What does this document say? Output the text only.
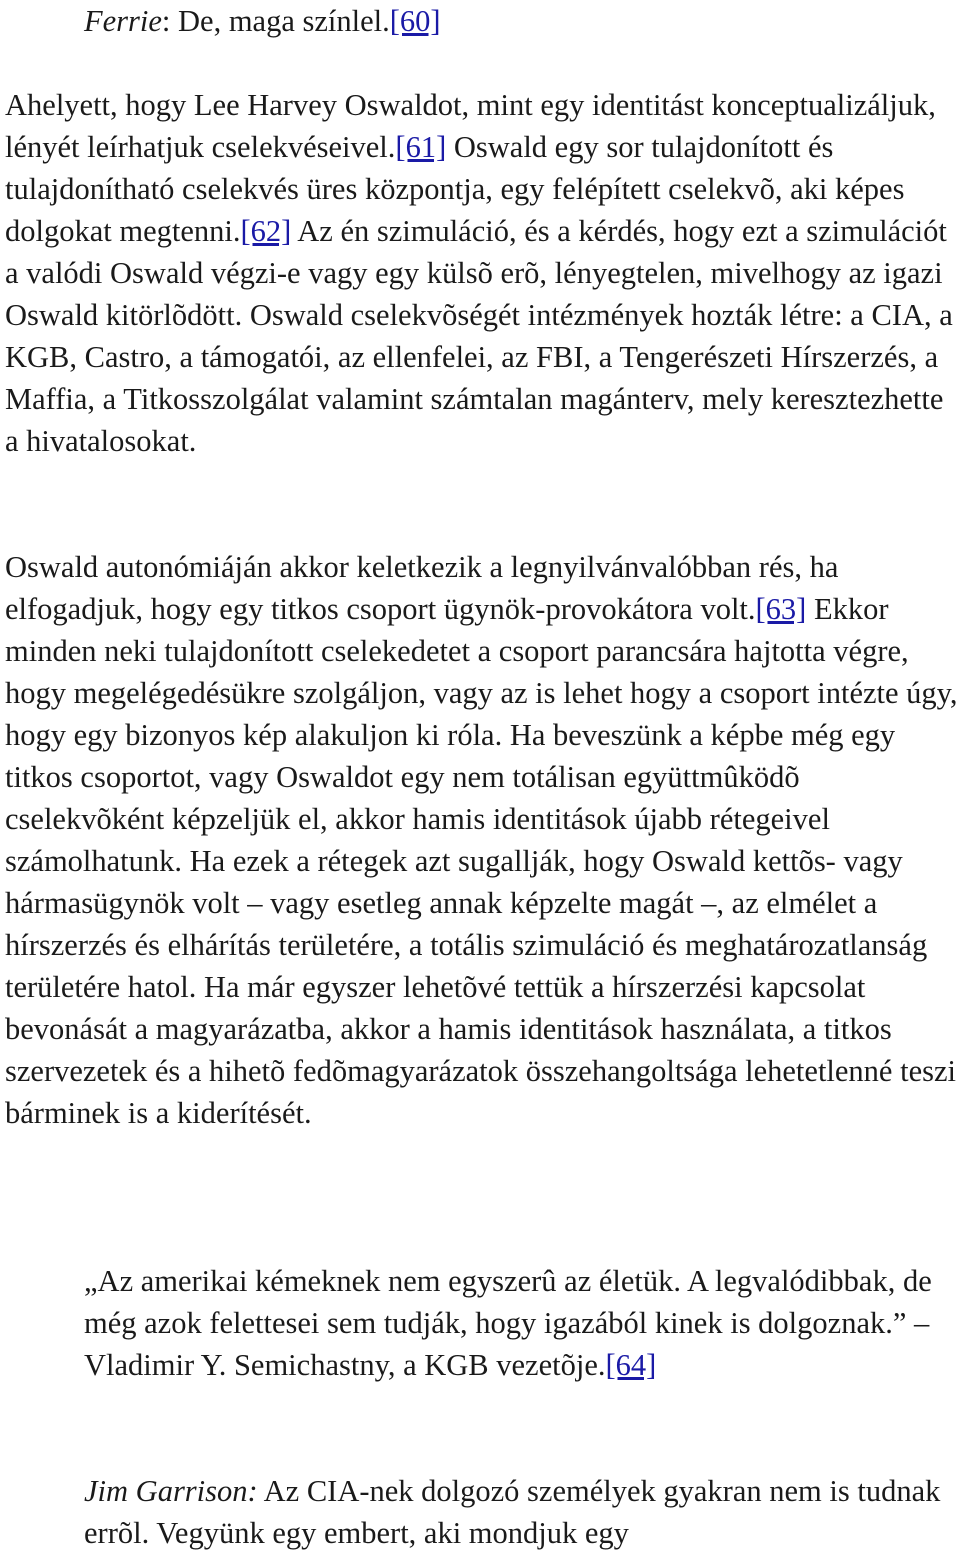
Ferrie: De, maga színlel.[60]

Ahelyett, hogy Lee Harvey Oswaldot, mint egy identitást konceptualizáljuk, lényét leírhatjuk cselekvéseivel.[61] Oswald egy sor tulajdonított és tulajdonítható cselekvés üres központja, egy felépített cselekvõ, aki képes dolgokat megtenni.[62] Az én szimuláció, és a kérdés, hogy ezt a szimulációt a valódi Oswald végzi-e vagy egy külsõ erõ, lényegtelen, mivelhogy az igazi Oswald kitörlõdött. Oswald cselekvõségét intézmények hozták létre: a CIA, a KGB, Castro, a támogatói, az ellenfelei, az FBI, a Tengerészeti Hírszerzés, a Maffia, a Titkosszolgálat valamint számtalan magánterv, mely keresztezhette a hivatalosokat.

Oswald autonómiáján akkor keletkezik a legnyilvánvalóbban rés, ha elfogadjuk, hogy egy titkos csoport ügynök-provokátora volt.[63] Ekkor minden neki tulajdonított cselekedetet a csoport parancsára hajtotta végre, hogy megelégedésükre szolgáljon, vagy az is lehet hogy a csoport intézte úgy, hogy egy bizonyos kép alakuljon ki róla. Ha beveszünk a képbe még egy titkos csoportot, vagy Oswaldot egy nem totálisan együttmûködõ cselekvõként képzeljük el, akkor hamis identitások újabb rétegeivel számolhatunk. Ha ezek a rétegek azt sugallják, hogy Oswald kettõs- vagy hármasügynök volt – vagy esetleg annak képzelte magát –, az elmélet a hírszerzés és elhárítás területére, a totális szimuláció és meghatározatlanság területére hatol. Ha már egyszer lehetõvé tettük a hírszerzési kapcsolat bevonását a magyarázatba, akkor a hamis identitások használata, a titkos szervezetek és a hihetõ fedõmagyarázatok összehangoltsága lehetetlenné teszi bárminek is a kiderítését.

„Az amerikai kémeknek nem egyszerû az életük. A legvalódibbak, de még azok felettesei sem tudják, hogy igazából kinek is dolgoznak.” – Vladimir Y. Semichastny, a KGB vezetõje.[64]

Jim Garrison: Az CIA-nek dolgozó személyek gyakran nem is tudnak errõl. Vegyünk egy embert, aki mondjuk egy
